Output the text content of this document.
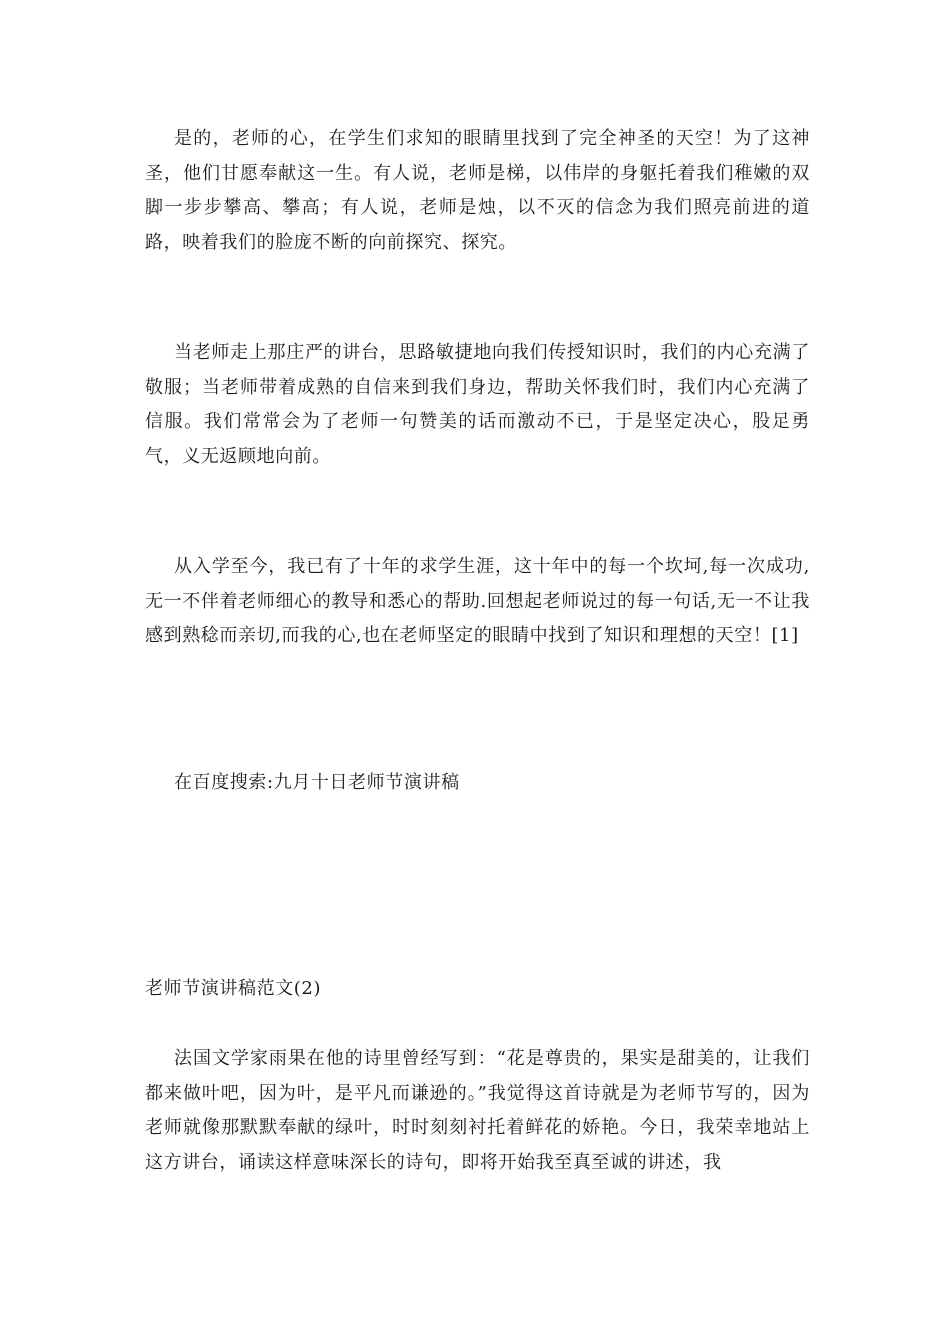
是的，老师的心，在学生们求知的眼睛里找到了完全神圣的天空！为了这神圣，他们甘愿奉献这一生。有人说，老师是梯，以伟岸的身躯托着我们稚嫩的双脚一步步攀高、攀高；有人说，老师是烛，以不灭的信念为我们照亮前进的道路，映着我们的脸庞不断的向前探究、探究。

当老师走上那庄严的讲台，思路敏捷地向我们传授知识时，我们的内心充满了敬服；当老师带着成熟的自信来到我们身边，帮助关怀我们时，我们内心充满了信服。我们常常会为了老师一句赞美的话而激动不已，于是坚定决心，股足勇气，义无返顾地向前。

从入学至今，我已有了十年的求学生涯，这十年中的每一个坎坷,每一次成功,无一不伴着老师细心的教导和悉心的帮助.回想起老师说过的每一句话,无一不让我感到熟稔而亲切,而我的心,也在老师坚定的眼睛中找到了知识和理想的天空！[1]

在百度搜索:九月十日老师节演讲稿

老师节演讲稿范文(2)

法国文学家雨果在他的诗里曾经写到：“花是尊贵的，果实是甜美的，让我们都来做叶吧，因为叶，是平凡而谦逊的。”我觉得这首诗就是为老师节写的，因为老师就像那默默奉献的绿叶，时时刻刻衬托着鲜花的娇艳。今日，我荣幸地站上这方讲台，诵读这样意味深长的诗句，即将开始我至真至诚的讲述，我
